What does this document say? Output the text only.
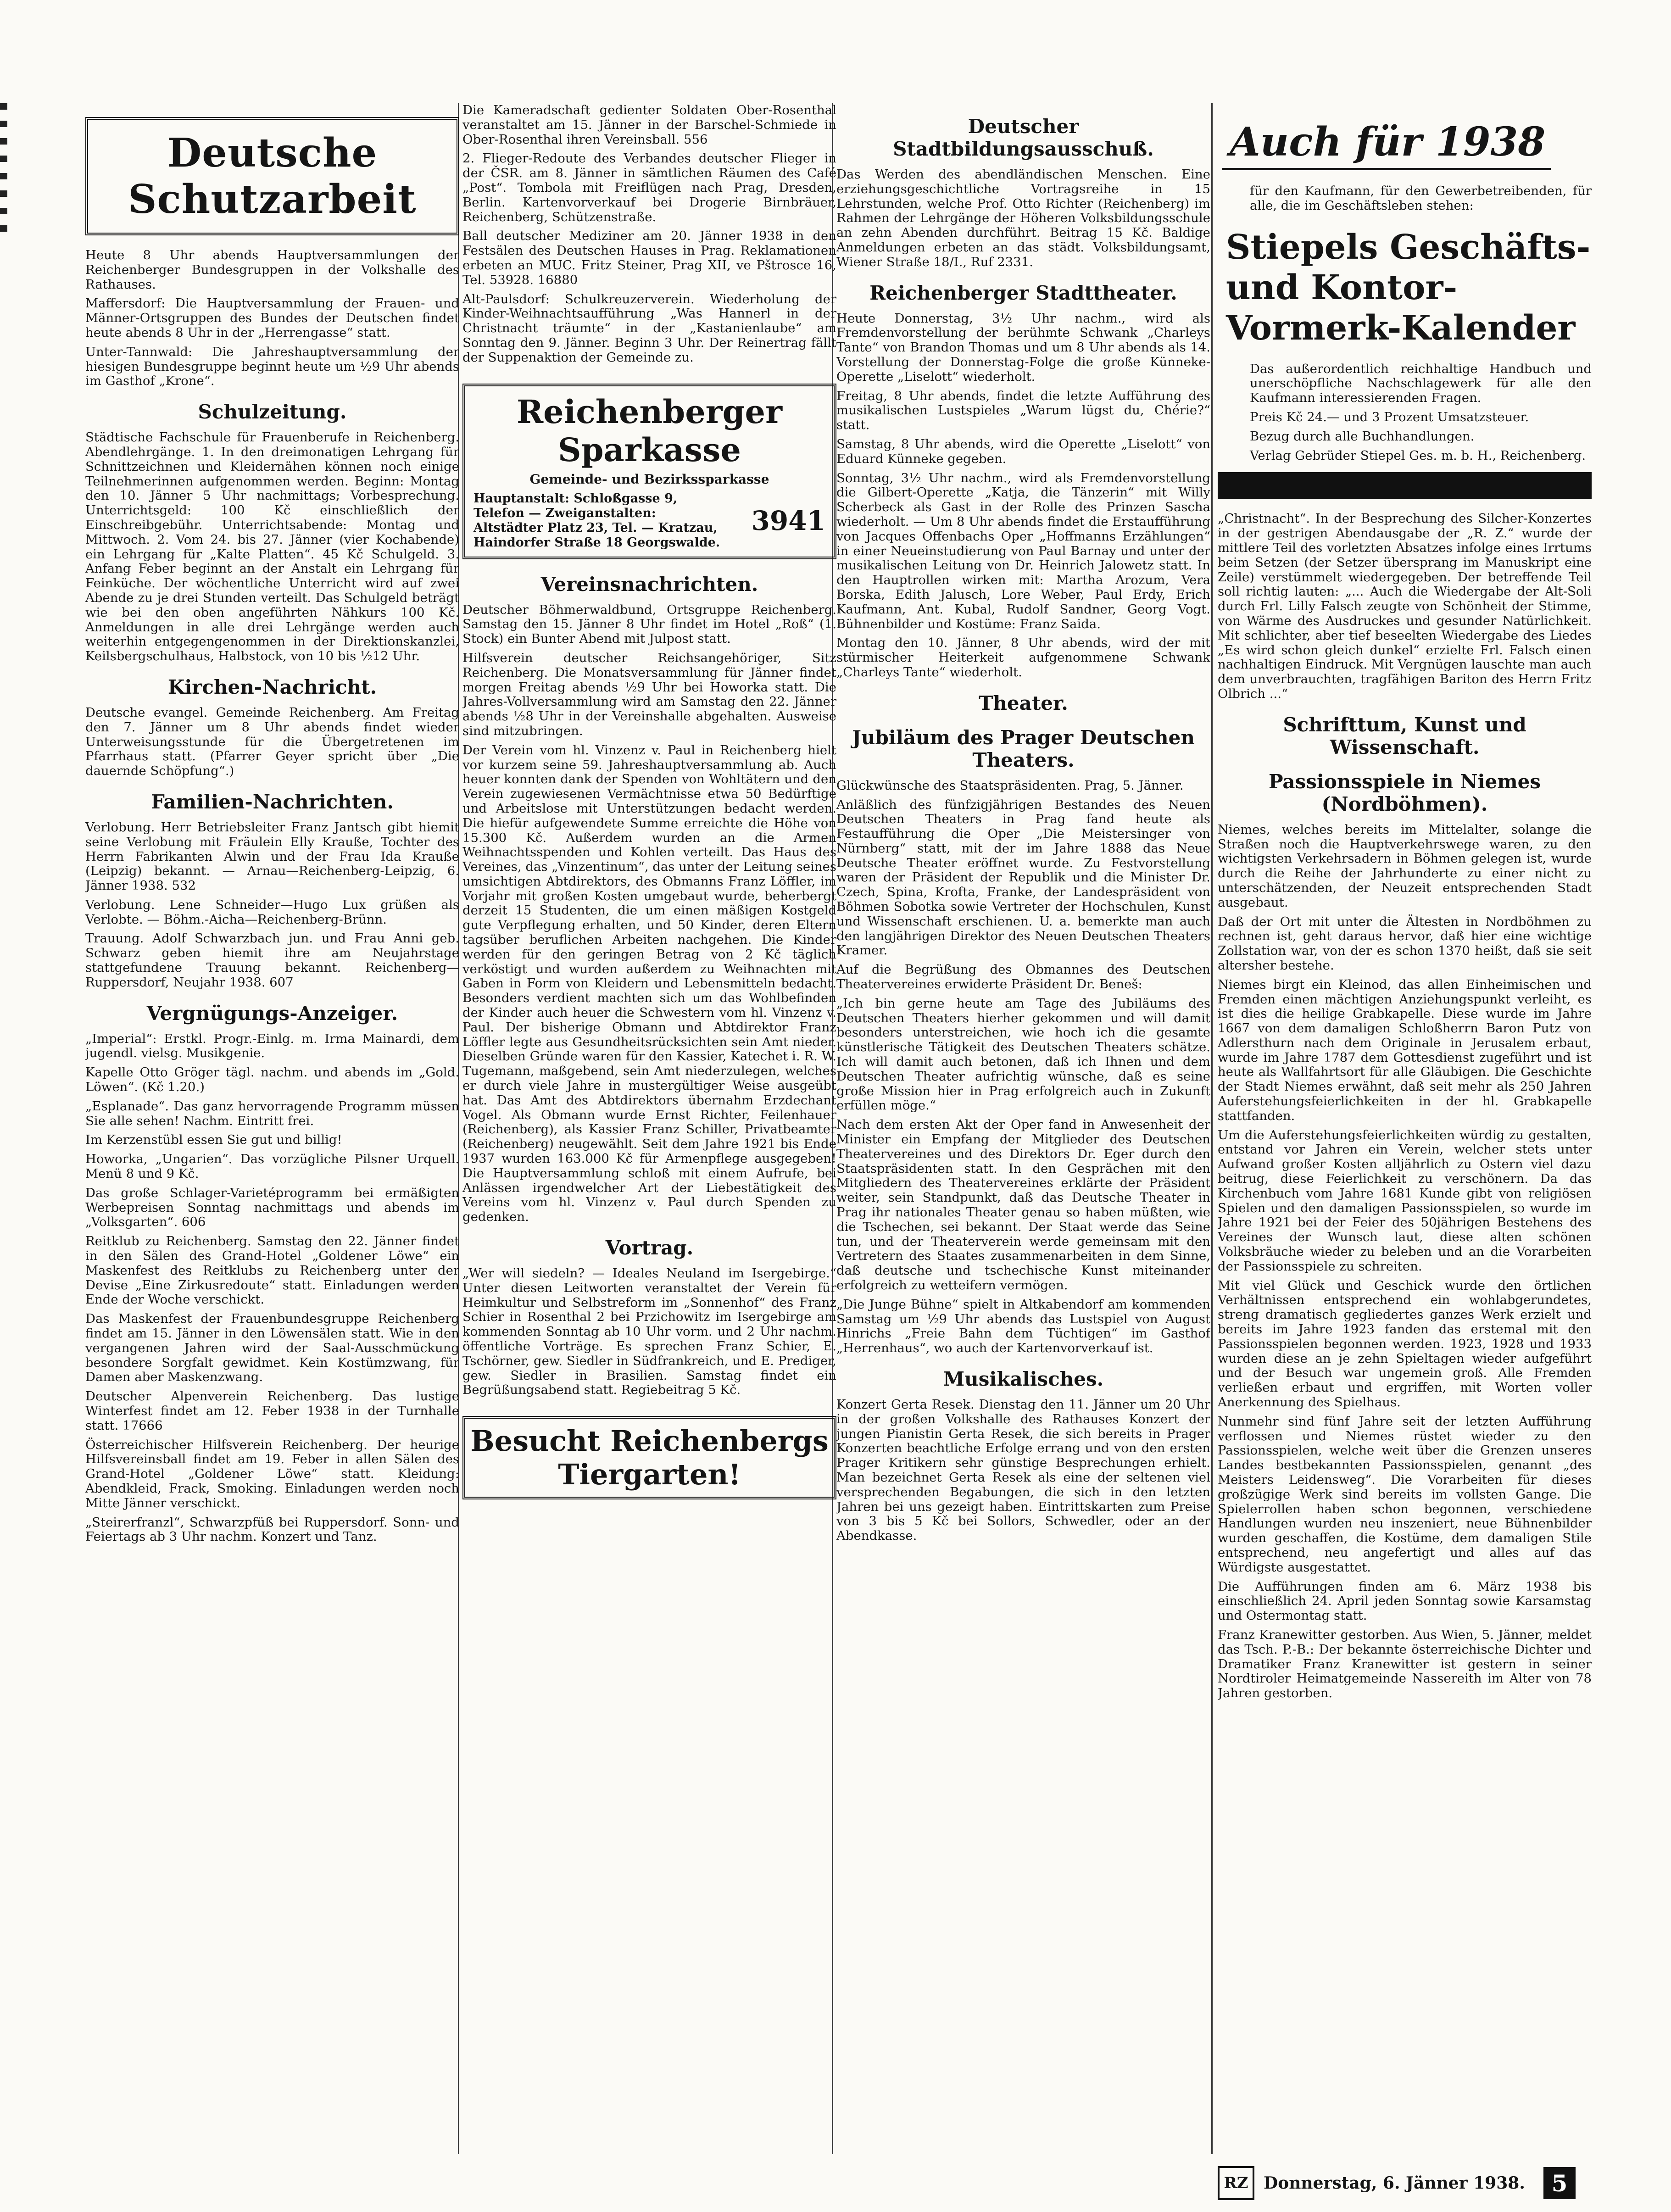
Deutsche Schutzarbeit
Heute 8 Uhr abends Hauptversammlungen der Reichenberger Bundesgruppen in der Volkshalle des Rathauses.
Maffersdorf: Die Hauptversammlung der Frauen- und Männer-Ortsgruppen des Bundes der Deutschen findet heute abends 8 Uhr in der „Herrengasse“ statt.
Unter-Tannwald: Die Jahreshauptversammlung der hiesigen Bundesgruppe beginnt heute um ½9 Uhr abends im Gasthof „Krone“.
Schulzeitung.
Städtische Fachschule für Frauenberufe in Reichenberg. Abendlehrgänge. 1. In den dreimonatigen Lehrgang für Schnittzeichnen und Kleidernähen können noch einige Teilnehmerinnen aufgenommen werden. Beginn: Montag den 10. Jänner 5 Uhr nachmittags; Vorbesprechung. Unterrichtsgeld: 100 Kč einschließlich der Einschreibgebühr. Unterrichtsabende: Montag und Mittwoch. 2. Vom 24. bis 27. Jänner (vier Kochabende) ein Lehrgang für „Kalte Platten“. 45 Kč Schulgeld. 3. Anfang Feber beginnt an der Anstalt ein Lehrgang für Feinküche. Der wöchentliche Unterricht wird auf zwei Abende zu je drei Stunden verteilt. Das Schulgeld beträgt wie bei den oben angeführten Nähkurs 100 Kč. Anmeldungen in alle drei Lehrgänge werden auch weiterhin entgegengenommen in der Direktionskanzlei, Keilsbergschulhaus, Halbstock, von 10 bis ½12 Uhr.
Kirchen-Nachricht.
Deutsche evangel. Gemeinde Reichenberg. Am Freitag den 7. Jänner um 8 Uhr abends findet wieder Unterweisungsstunde für die Übergetretenen im Pfarrhaus statt. (Pfarrer Geyer spricht über „Die dauernde Schöpfung“.)
Familien-Nachrichten.
Verlobung. Herr Betriebsleiter Franz Jantsch gibt hiemit seine Verlobung mit Fräulein Elly Krauße, Tochter des Herrn Fabrikanten Alwin und der Frau Ida Krauße (Leipzig) bekannt. — Arnau—Reichenberg-Leipzig, 6. Jänner 1938. 532
Verlobung. Lene Schneider—Hugo Lux grüßen als Verlobte. — Böhm.-Aicha—Reichenberg-Brünn.
Trauung. Adolf Schwarzbach jun. und Frau Anni geb. Schwarz geben hiemit ihre am Neujahrstage stattgefundene Trauung bekannt. Reichenberg—Ruppersdorf, Neujahr 1938. 607
Vergnügungs-Anzeiger.
„Imperial“: Erstkl. Progr.-Einlg. m. Irma Mainardi, dem jugendl. vielsg. Musikgenie.
Kapelle Otto Gröger tägl. nachm. und abends im „Gold. Löwen“. (Kč 1.20.)
„Esplanade“. Das ganz hervorragende Programm müssen Sie alle sehen! Nachm. Eintritt frei.
Im Kerzenstübl essen Sie gut und billig!
Howorka, „Ungarien“. Das vorzügliche Pilsner Urquell. Menü 8 und 9 Kč.
Das große Schlager-Varietéprogramm bei ermäßigten Werbepreisen Sonntag nachmittags und abends im „Volksgarten“. 606
Reitklub zu Reichenberg. Samstag den 22. Jänner findet in den Sälen des Grand-Hotel „Goldener Löwe“ ein Maskenfest des Reitklubs zu Reichenberg unter der Devise „Eine Zirkusredoute“ statt. Einladungen werden Ende der Woche verschickt.
Das Maskenfest der Frauenbundesgruppe Reichenberg findet am 15. Jänner in den Löwensälen statt. Wie in den vergangenen Jahren wird der Saal-Ausschmückung besondere Sorgfalt gewidmet. Kein Kostümzwang, für Damen aber Maskenzwang.
Deutscher Alpenverein Reichenberg. Das lustige Winterfest findet am 12. Feber 1938 in der Turnhalle statt. 17666
Österreichischer Hilfsverein Reichenberg. Der heurige Hilfsvereinsball findet am 19. Feber in allen Sälen des Grand-Hotel „Goldener Löwe“ statt. Kleidung: Abendkleid, Frack, Smoking. Einladungen werden noch Mitte Jänner verschickt.
„Steirerfranzl“, Schwarzpfüß bei Ruppersdorf. Sonn- und Feiertags ab 3 Uhr nachm. Konzert und Tanz.
Die Kameradschaft gedienter Soldaten Ober-Rosenthal veranstaltet am 15. Jänner in der Barschel-Schmiede in Ober-Rosenthal ihren Vereinsball. 556
2. Flieger-Redoute des Verbandes deutscher Flieger in der ČSR. am 8. Jänner in sämtlichen Räumen des Café „Post“. Tombola mit Freiflügen nach Prag, Dresden, Berlin. Kartenvorverkauf bei Drogerie Birnbräuer, Reichenberg, Schützenstraße.
Ball deutscher Mediziner am 20. Jänner 1938 in den Festsälen des Deutschen Hauses in Prag. Reklamationen erbeten an MUC. Fritz Steiner, Prag XII, ve Pštrosce 16, Tel. 53928. 16880
Alt-Paulsdorf: Schulkreuzerverein. Wiederholung der Kinder-Weihnachtsaufführung „Was Hannerl in der Christnacht träumte“ in der „Kastanienlaube“ am Sonntag den 9. Jänner. Beginn 3 Uhr. Der Reinertrag fällt der Suppenaktion der Gemeinde zu.
Reichenberger Sparkasse
Gemeinde- und Bezirkssparkasse
Hauptanstalt: Schloßgasse 9, Telefon — Zweiganstalten: Altstädter Platz 23, Tel. — Kratzau, Haindorfer Straße 18 Georgswalde.
3941
Vereinsnachrichten.
Deutscher Böhmerwaldbund, Ortsgruppe Reichenberg. Samstag den 15. Jänner 8 Uhr findet im Hotel „Roß“ (1. Stock) ein Bunter Abend mit Julpost statt.
Hilfsverein deutscher Reichsangehöriger, Sitz Reichenberg. Die Monatsversammlung für Jänner findet morgen Freitag abends ½9 Uhr bei Howorka statt. Die Jahres-Vollversammlung wird am Samstag den 22. Jänner abends ½8 Uhr in der Vereinshalle abgehalten. Ausweise sind mitzubringen.
Der Verein vom hl. Vinzenz v. Paul in Reichenberg hielt vor kurzem seine 59. Jahreshauptversammlung ab. Auch heuer konnten dank der Spenden von Wohltätern und den Verein zugewiesenen Vermächtnisse etwa 50 Bedürftige und Arbeitslose mit Unterstützungen bedacht werden. Die hiefür aufgewendete Summe erreichte die Höhe von 15.300 Kč. Außerdem wurden an die Armen Weihnachtsspenden und Kohlen verteilt. Das Haus des Vereines, das „Vinzentinum“, das unter der Leitung seines umsichtigen Abtdirektors, des Obmanns Franz Löffler, im Vorjahr mit großen Kosten umgebaut wurde, beherbergt derzeit 15 Studenten, die um einen mäßigen Kostgeld gute Verpflegung erhalten, und 50 Kinder, deren Eltern tagsüber beruflichen Arbeiten nachgehen. Die Kinder werden für den geringen Betrag von 2 Kč täglich verköstigt und wurden außerdem zu Weihnachten mit Gaben in Form von Kleidern und Lebensmitteln bedacht. Besonders verdient machten sich um das Wohlbefinden der Kinder auch heuer die Schwestern vom hl. Vinzenz v. Paul. Der bisherige Obmann und Abtdirektor Franz Löffler legte aus Gesundheitsrücksichten sein Amt nieder. Dieselben Gründe waren für den Kassier, Katechet i. R. W. Tugemann, maßgebend, sein Amt niederzulegen, welches er durch viele Jahre in mustergültiger Weise ausgeübt hat. Das Amt des Abtdirektors übernahm Erzdechant Vogel. Als Obmann wurde Ernst Richter, Feilenhauer (Reichenberg), als Kassier Franz Schiller, Privatbeamter (Reichenberg) neugewählt. Seit dem Jahre 1921 bis Ende 1937 wurden 163.000 Kč für Armenpflege ausgegeben! Die Hauptversammlung schloß mit einem Aufrufe, bei Anlässen irgendwelcher Art der Liebestätigkeit des Vereins vom hl. Vinzenz v. Paul durch Spenden zu gedenken.
Vortrag.
„Wer will siedeln? — Ideales Neuland im Isergebirge.“ Unter diesen Leitworten veranstaltet der Verein für Heimkultur und Selbstreform im „Sonnenhof“ des Franz Schier in Rosenthal 2 bei Przichowitz im Isergebirge am kommenden Sonntag ab 10 Uhr vorm. und 2 Uhr nachm. öffentliche Vorträge. Es sprechen Franz Schier, E. Tschörner, gew. Siedler in Südfrankreich, und E. Prediger, gew. Siedler in Brasilien. Samstag findet ein Begrüßungsabend statt. Regiebeitrag 5 Kč.
Besucht Reichenbergs Tiergarten!
Deutscher Stadtbildungsausschuß.
Das Werden des abendländischen Menschen. Eine erziehungsgeschichtliche Vortragsreihe in 15 Lehrstunden, welche Prof. Otto Richter (Reichenberg) im Rahmen der Lehrgänge der Höheren Volksbildungsschule an zehn Abenden durchführt. Beitrag 15 Kč. Baldige Anmeldungen erbeten an das städt. Volksbildungsamt, Wiener Straße 18/I., Ruf 2331.
Reichenberger Stadttheater.
Heute Donnerstag, 3½ Uhr nachm., wird als Fremdenvorstellung der berühmte Schwank „Charleys Tante“ von Brandon Thomas und um 8 Uhr abends als 14. Vorstellung der Donnerstag-Folge die große Künneke-Operette „Liselott“ wiederholt.
Freitag, 8 Uhr abends, findet die letzte Aufführung des musikalischen Lustspieles „Warum lügst du, Chérie?“ statt.
Samstag, 8 Uhr abends, wird die Operette „Liselott“ von Eduard Künneke gegeben.
Sonntag, 3½ Uhr nachm., wird als Fremdenvorstellung die Gilbert-Operette „Katja, die Tänzerin“ mit Willy Scherbeck als Gast in der Rolle des Prinzen Sascha wiederholt. — Um 8 Uhr abends findet die Erstaufführung von Jacques Offenbachs Oper „Hoffmanns Erzählungen“ in einer Neueinstudierung von Paul Barnay und unter der musikalischen Leitung von Dr. Heinrich Jalowetz statt. In den Hauptrollen wirken mit: Martha Arozum, Vera Borska, Edith Jalusch, Lore Weber, Paul Erdy, Erich Kaufmann, Ant. Kubal, Rudolf Sandner, Georg Vogt. Bühnenbilder und Kostüme: Franz Saida.
Montag den 10. Jänner, 8 Uhr abends, wird der mit stürmischer Heiterkeit aufgenommene Schwank „Charleys Tante“ wiederholt.
Theater.
Jubiläum des Prager Deutschen Theaters.
Glückwünsche des Staatspräsidenten. Prag, 5. Jänner.
Anläßlich des fünfzigjährigen Bestandes des Neuen Deutschen Theaters in Prag fand heute als Festaufführung die Oper „Die Meistersinger von Nürnberg“ statt, mit der im Jahre 1888 das Neue Deutsche Theater eröffnet wurde. Zu Festvorstellung waren der Präsident der Republik und die Minister Dr. Czech, Spina, Krofta, Franke, der Landespräsident von Böhmen Sobotka sowie Vertreter der Hochschulen, Kunst und Wissenschaft erschienen. U. a. bemerkte man auch den langjährigen Direktor des Neuen Deutschen Theaters Kramer.
Auf die Begrüßung des Obmannes des Deutschen Theatervereines erwiderte Präsident Dr. Beneš:
„Ich bin gerne heute am Tage des Jubiläums des Deutschen Theaters hierher gekommen und will damit besonders unterstreichen, wie hoch ich die gesamte künstlerische Tätigkeit des Deutschen Theaters schätze. Ich will damit auch betonen, daß ich Ihnen und dem Deutschen Theater aufrichtig wünsche, daß es seine große Mission hier in Prag erfolgreich auch in Zukunft erfüllen möge.“
Nach dem ersten Akt der Oper fand in Anwesenheit der Minister ein Empfang der Mitglieder des Deutschen Theatervereines und des Direktors Dr. Eger durch den Staatspräsidenten statt. In den Gesprächen mit den Mitgliedern des Theatervereines erklärte der Präsident weiter, sein Standpunkt, daß das Deutsche Theater in Prag ihr nationales Theater genau so haben müßten, wie die Tschechen, sei bekannt. Der Staat werde das Seine tun, und der Theaterverein werde gemeinsam mit den Vertretern des Staates zusammenarbeiten in dem Sinne, daß deutsche und tschechische Kunst miteinander erfolgreich zu wetteifern vermögen.
„Die Junge Bühne“ spielt in Altkabendorf am kommenden Samstag um ½9 Uhr abends das Lustspiel von August Hinrichs „Freie Bahn dem Tüchtigen“ im Gasthof „Herrenhaus“, wo auch der Kartenvorverkauf ist.
Musikalisches.
Konzert Gerta Resek. Dienstag den 11. Jänner um 20 Uhr in der großen Volkshalle des Rathauses Konzert der jungen Pianistin Gerta Resek, die sich bereits in Prager Konzerten beachtliche Erfolge errang und von den ersten Prager Kritikern sehr günstige Besprechungen erhielt. Man bezeichnet Gerta Resek als eine der seltenen viel versprechenden Begabungen, die sich in den letzten Jahren bei uns gezeigt haben. Eintrittskarten zum Preise von 3 bis 5 Kč bei Sollors, Schwedler, oder an der Abendkasse.
Auch für 1938
für den Kaufmann, für den Gewerbetreibenden, für alle, die im Geschäftsleben stehen:
Stiepels Geschäfts- und Kontor-Vormerk-Kalender
Das außerordentlich reichhaltige Handbuch und unerschöpfliche Nachschlagewerk für alle den Kaufmann interessierenden Fragen.
Preis Kč 24.— und 3 Prozent Umsatzsteuer.
Bezug durch alle Buchhandlungen.
Verlag Gebrüder Stiepel Ges. m. b. H., Reichenberg.
„Christnacht“. In der Besprechung des Silcher-Konzertes in der gestrigen Abendausgabe der „R. Z.“ wurde der mittlere Teil des vorletzten Absatzes infolge eines Irrtums beim Setzen (der Setzer übersprang im Manuskript eine Zeile) verstümmelt wiedergegeben. Der betreffende Teil soll richtig lauten: „... Auch die Wiedergabe der Alt-Soli durch Frl. Lilly Falsch zeugte von Schönheit der Stimme, von Wärme des Ausdruckes und gesunder Natürlichkeit. Mit schlichter, aber tief beseelten Wiedergabe des Liedes „Es wird schon gleich dunkel“ erzielte Frl. Falsch einen nachhaltigen Eindruck. Mit Vergnügen lauschte man auch dem unverbrauchten, tragfähigen Bariton des Herrn Fritz Olbrich ...“
Schrifttum, Kunst und Wissenschaft.
Passionsspiele in Niemes (Nordböhmen).
Niemes, welches bereits im Mittelalter, solange die Straßen noch die Hauptverkehrswege waren, zu den wichtigsten Verkehrsadern in Böhmen gelegen ist, wurde durch die Reihe der Jahrhunderte zu einer nicht zu unterschätzenden, der Neuzeit entsprechenden Stadt ausgebaut.
Daß der Ort mit unter die Ältesten in Nordböhmen zu rechnen ist, geht daraus hervor, daß hier eine wichtige Zollstation war, von der es schon 1370 heißt, daß sie seit altersher bestehe.
Niemes birgt ein Kleinod, das allen Einheimischen und Fremden einen mächtigen Anziehungspunkt verleiht, es ist dies die heilige Grabkapelle. Diese wurde im Jahre 1667 von dem damaligen Schloßherrn Baron Putz von Adlersthurn nach dem Originale in Jerusalem erbaut, wurde im Jahre 1787 dem Gottesdienst zugeführt und ist heute als Wallfahrtsort für alle Gläubigen. Die Geschichte der Stadt Niemes erwähnt, daß seit mehr als 250 Jahren Auferstehungsfeierlichkeiten in der hl. Grabkapelle stattfanden.
Um die Auferstehungsfeierlichkeiten würdig zu gestalten, entstand vor Jahren ein Verein, welcher stets unter Aufwand großer Kosten alljährlich zu Ostern viel dazu beitrug, diese Feierlichkeit zu verschönern. Da das Kirchenbuch vom Jahre 1681 Kunde gibt von religiösen Spielen und den damaligen Passionsspielen, so wurde im Jahre 1921 bei der Feier des 50jährigen Bestehens des Vereines der Wunsch laut, diese alten schönen Volksbräuche wieder zu beleben und an die Vorarbeiten der Passionsspiele zu schreiten.
Mit viel Glück und Geschick wurde den örtlichen Verhältnissen entsprechend ein wohlabgerundetes, streng dramatisch gegliedertes ganzes Werk erzielt und bereits im Jahre 1923 fanden das erstemal mit den Passionsspielen begonnen werden. 1923, 1928 und 1933 wurden diese an je zehn Spieltagen wieder aufgeführt und der Besuch war ungemein groß. Alle Fremden verließen erbaut und ergriffen, mit Worten voller Anerkennung des Spielhaus.
Nunmehr sind fünf Jahre seit der letzten Aufführung verflossen und Niemes rüstet wieder zu den Passionsspielen, welche weit über die Grenzen unseres Landes bestbekannten Passionsspielen, genannt „des Meisters Leidensweg“. Die Vorarbeiten für dieses großzügige Werk sind bereits im vollsten Gange. Die Spielerrollen haben schon begonnen, verschiedene Handlungen wurden neu inszeniert, neue Bühnenbilder wurden geschaffen, die Kostüme, dem damaligen Stile entsprechend, neu angefertigt und alles auf das Würdigste ausgestattet.
Die Aufführungen finden am 6. März 1938 bis einschließlich 24. April jeden Sonntag sowie Karsamstag und Ostermontag statt.
Franz Kranewitter gestorben. Aus Wien, 5. Jänner, meldet das Tsch. P.-B.: Der bekannte österreichische Dichter und Dramatiker Franz Kranewitter ist gestern in seiner Nordtiroler Heimatgemeinde Nassereith im Alter von 78 Jahren gestorben.
RZ Donnerstag, 6. Jänner 1938.	5
